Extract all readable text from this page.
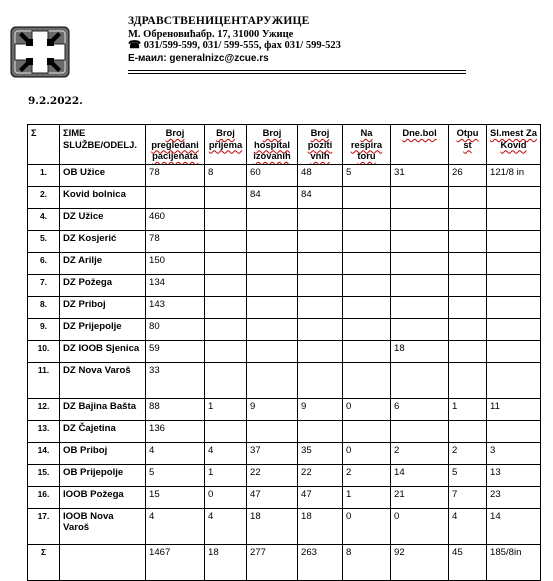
ЗДРАВСТВЕНИЦЕНТАРУЖИЦЕ
М. Обреновићабр. 17, 31000 Ужице
☎ 031/599-599, 031/ 599-555, фах 031/ 599-523
Е-маил: generalnizc@zcue.rs
9.2.2022.
Σ	ΣIME SLUŽBE/ODELJ.	Broj pregledani pacijenata	Broj prijema	Broj hospital izovanih	Broj poziti vnih	Na respira toru	Dne.bol	Otpu st	Sl.mest Za Kovid
1.	OB Užice	78	8	60	48	5	31	26	121/8 in
2.	Kovid bolnica			84	84				
4.	DZ Užice	460							
5.	DZ Kosjerić	78							
6.	DZ Arilje	150							
7.	DZ Požega	134							
8.	DZ Priboj	143							
9.	DZ Prijepolje	80							
10.	DZ IOOB Sjenica	59					18		
11.	DZ Nova Varoš	33							
12.	DZ Bajina Bašta	88	1	9	9	0	6	1	11
13.	DZ Čajetina	136							
14.	OB Priboj	4	4	37	35	0	2	2	3
15.	OB Prijepolje	5	1	22	22	2	14	5	13
16.	IOOB Požega	15	0	47	47	1	21	7	23
17.	IOOB Nova Varoš	4	4	18	18	0	0	4	14
Σ		1467	18	277	263	8	92	45	185/8in
